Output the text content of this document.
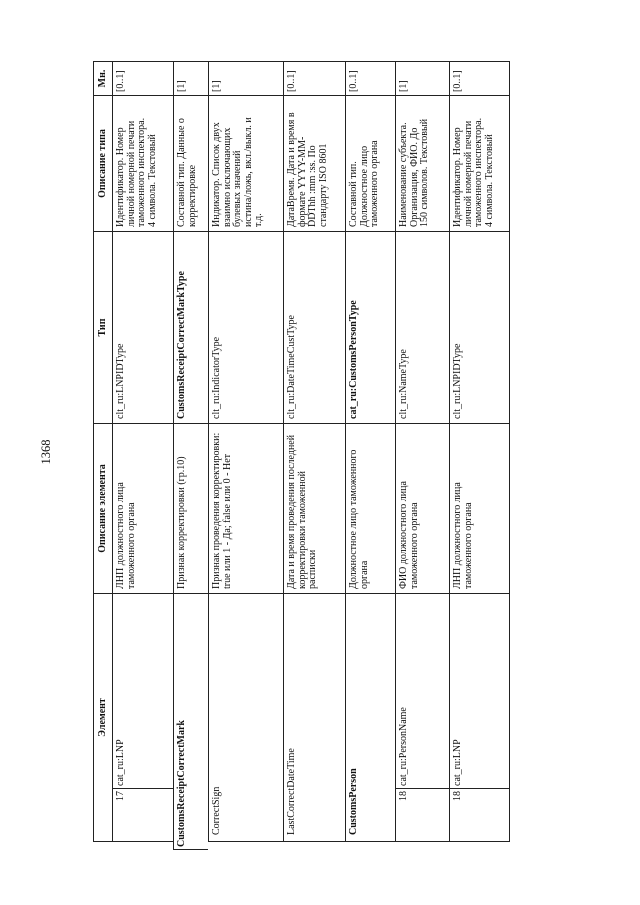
1368
Элемент
Описание элемента
Тип
Описание типа
Мн.
17
cat_ru:LNP
ЛНП должностного лица
таможенного органа
clt_ru:LNPIDType
Идентификатор. Номер
личной номерной печати
таможенного инспектора.
4 символа. Текстовый
[0..1]
CustomsReceiptCorrectMark
Признак корректировки (гр.10)
CustomsReceiptCorrectMarkType
Составной тип. Данные о
корректировке
[1]
CorrectSign
Признак проведения корректировки:
true или 1 - Да; false или 0 - Нет
clt_ru:IndicatorType
Индикатор. Список двух
взаимно исключающих
булевых значений
истина/ложь, вкл./выкл. и
т.д.
[1]
LastCorrectDateTime
Дата и время проведения последней
корректировки таможенной
расписки
clt_ru:DateTimeCustType
ДатаВремя. Дата и время в
формате YYYY-MM-
DDThh :mm :ss. По
стандарту ISO 8601
[0..1]
CustomsPerson
Должностное лицо таможенного
органа
cat_ru:CustomsPersonType
Составной тип.
Должностное лицо
таможенного органа
[0..1]
18
cat_ru:PersonName
ФИО должностного лица
таможенного органа
clt_ru:NameType
Наименование субъекта.
Организация, ФИО. До
150 символов. Текстовый
[1]
18
cat_ru:LNP
ЛНП должностного лица
таможенного органа
clt_ru:LNPIDType
Идентификатор. Номер
личной номерной печати
таможенного инспектора.
4 символа. Текстовый
[0..1]
